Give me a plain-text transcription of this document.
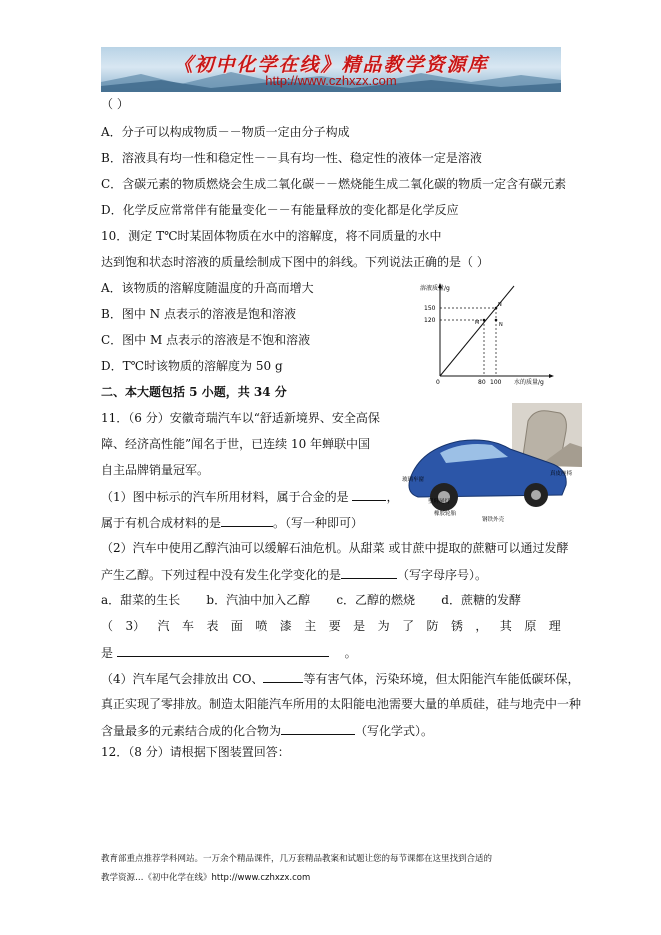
《初中化学在线》精品教学资源库
http://www.czhxzx.com
（ ）
A．分子可以构成物质－－物质一定由分子构成
B．溶液具有均一性和稳定性－－具有均一性、稳定性的液体一定是溶液
C．含碳元素的物质燃烧会生成二氧化碳－－燃烧能生成二氧化碳的物质一定含有碳元素
D．化学反应常常伴有能量变化－－有能量释放的变化都是化学反应
10．测定 T℃时某固体物质在水中的溶解度，将不同质量的水中
达到饱和状态时溶液的质量绘制成下图中的斜线。下列说法正确的是（ ）
A．该物质的溶解度随温度的升高而增大
B．图中 N 点表示的溶液是饱和溶液
C．图中 M 点表示的溶液是不饱和溶液
D．T℃时该物质的溶解度为 50 g
溶液质量/g
水的质量/g
0	80 100
150
120
N
M	N
二、本大题包括 5 小题，共 34 分
11．（6 分）安徽奇瑞汽车以“舒适新境界、安全高保
障、经济高性能”闻名于世，已连续 10 年蝉联中国
自主品牌销量冠军。
玻璃车窗
塑料尾灯
橡胶轮胎
钢铁外壳
真皮座椅
（1）图中标示的汽车所用材料，属于合金的是	，
属于有机合成材料的是	。（写一种即可）
（2）汽车中使用乙醇汽油可以缓解石油危机。从甜菜 或甘蔗中提取的蔗糖可以通过发酵
产生乙醇。下列过程中没有发生化学变化的是	（写字母序号）。
a．甜菜的生长 b．汽油中加入乙醇 c．乙醇的燃烧 d．蔗糖的发酵
（ 3） 汽 车 表 面 喷 漆 主 要 是 为 了 防 锈 ， 其 原 理
是	。
（4）汽车尾气会排放出 CO、	等有害气体，污染环境，但太阳能汽车能低碳环保，
真正实现了零排放。制造太阳能汽车所用的太阳能电池需要大量的单质硅，硅与地壳中一种
含量最多的元素结合成的化合物为	（写化学式）。
12．（8 分）请根据下图装置回答：
教育部重点推荐学科网站。一万余个精品课件，几万套精品教案和试题让您的每节课都在这里找到合适的
教学资源…《初中化学在线》http://www.czhxzx.com
